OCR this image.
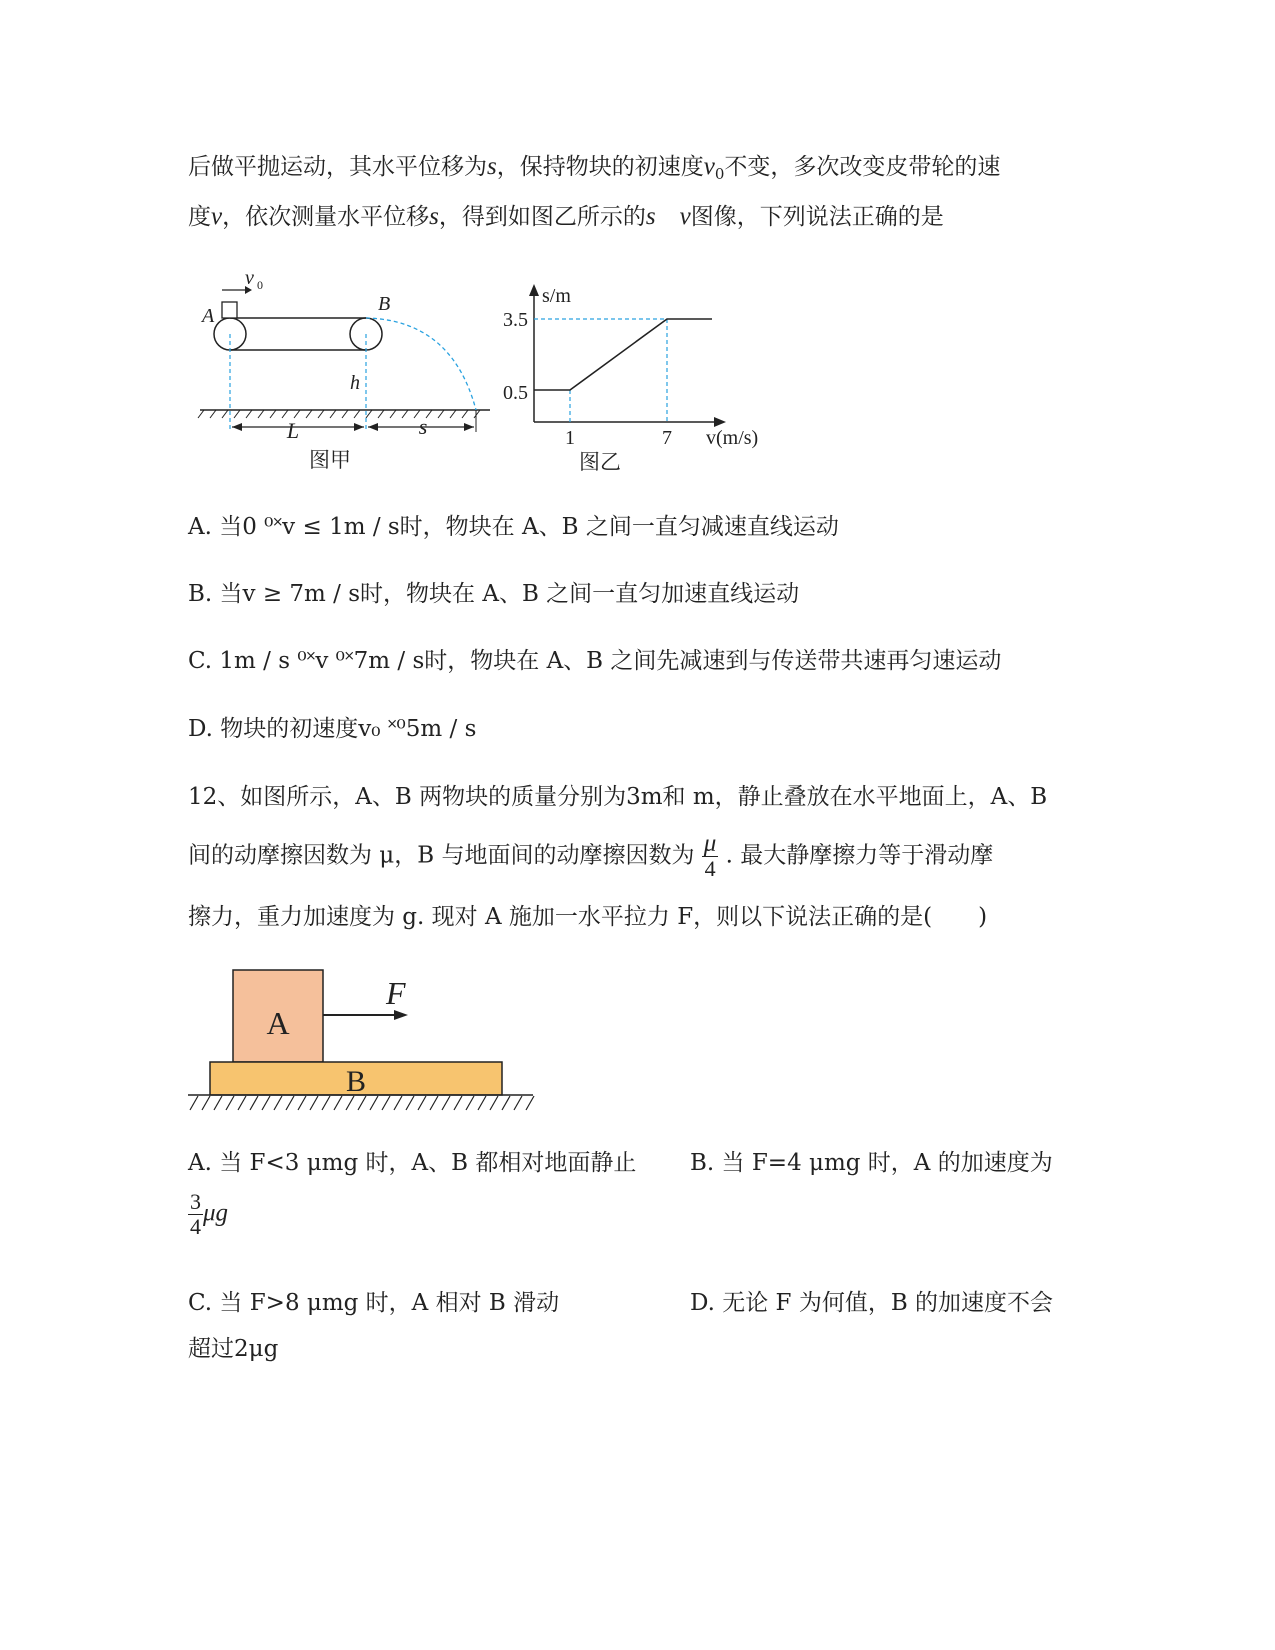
后做平抛运动，其水平位移为s，保持物块的初速度$v_0$不变，多次改变皮带轮的速
度v，依次测量水平位移s，得到如图乙所示的s v图像，下列说法正确的是
v 0
A
B
h
L	s
图甲
s/m
v(m/s)
3.5
0.5
1	7
图乙
A. 当0 ⁰˟v ≤ 1m / s时，物块在 A、B 之间一直匀减速直线运动
B. 当v ≥ 7m / s时，物块在 A、B 之间一直匀加速直线运动
C. 1m / s ⁰˟v ⁰˟7m / s时，物块在 A、B 之间先减速到与传送带共速再匀速运动
D. 物块的初速度v₀ ˟⁰5m / s
12、如图所示，A、B 两物块的质量分别为3m和 m，静止叠放在水平地面上，A、B
间的动摩擦因数为 μ，B 与地面间的动摩擦因数为 $\frac{\mu}{4}$ . 最大静摩擦力等于滑动摩
擦力，重力加速度为 g. 现对 A 施加一水平拉力 F，则以下说法正确的是(　　)
A
F
B
A. 当 F<3 μmg 时，A、B 都相对地面静止 B. 当 F=4 μmg 时，A 的加速度为
$\frac{3}{4}$ μg
C. 当 F>8 μmg 时，A 相对 B 滑动	D. 无论 F 为何值，B 的加速度不会
超过2μg
